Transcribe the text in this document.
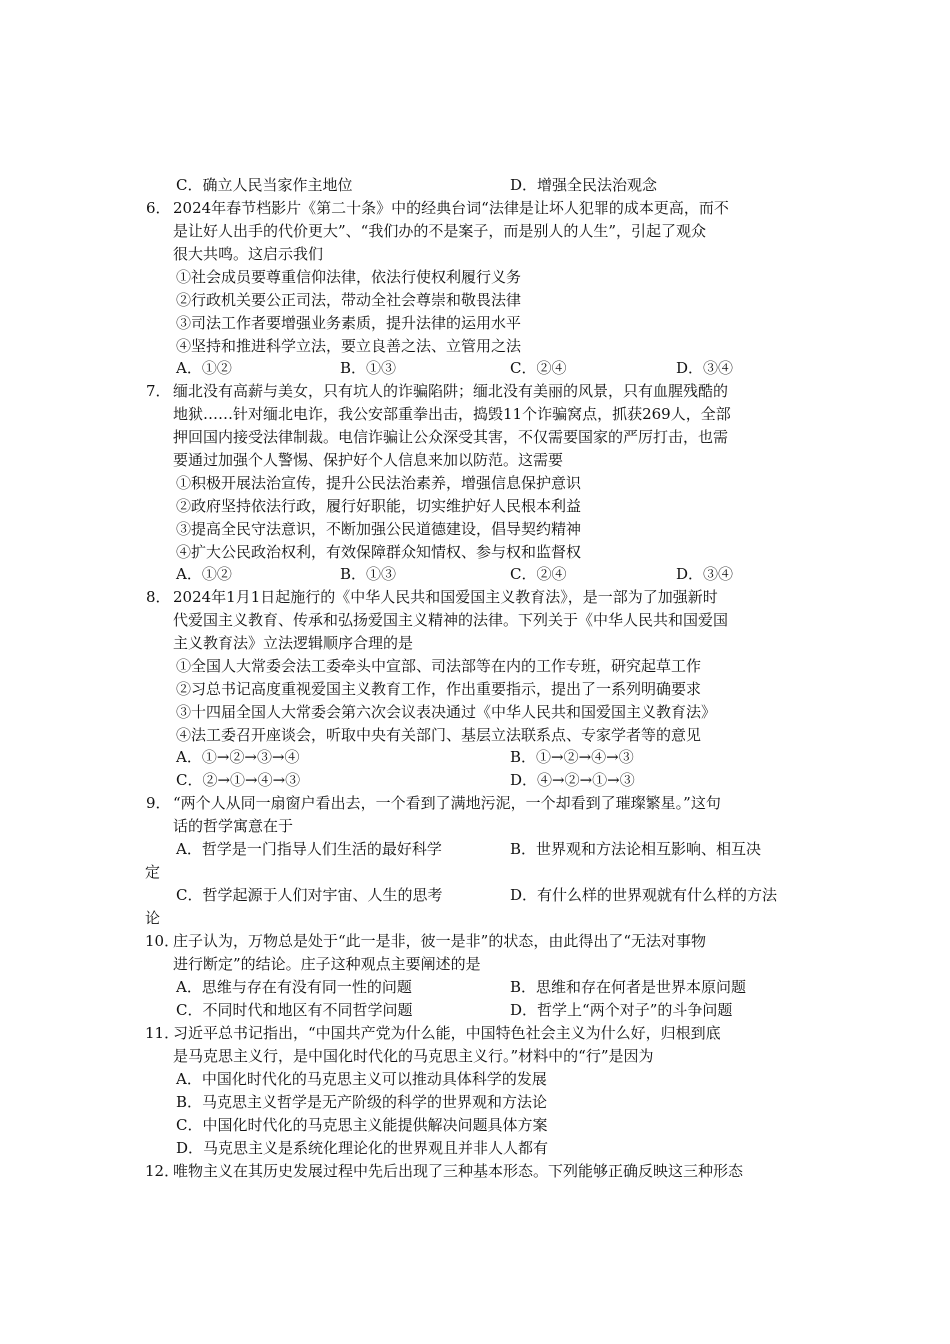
C．确立人民当家作主地位	D．增强全民法治观念
6． 2024年春节档影片《第二十条》中的经典台词“法律是让坏人犯罪的成本更高，而不
是让好人出手的代价更大”、“我们办的不是案子，而是别人的人生”，引起了观众
很大共鸣。这启示我们
①社会成员要尊重信仰法律，依法行使权利履行义务
②行政机关要公正司法，带动全社会尊崇和敬畏法律
③司法工作者要增强业务素质，提升法律的运用水平
④坚持和推进科学立法，要立良善之法、立管用之法
A．①②	B．①③	C．②④	D．③④
7． 缅北没有高薪与美女，只有坑人的诈骗陷阱；缅北没有美丽的风景，只有血腥残酷的
地狱……针对缅北电诈，我公安部重拳出击，捣毁11个诈骗窝点，抓获269人，全部
押回国内接受法律制裁。电信诈骗让公众深受其害，不仅需要国家的严厉打击，也需
要通过加强个人警惕、保护好个人信息来加以防范。这需要
①积极开展法治宣传，提升公民法治素养，增强信息保护意识
②政府坚持依法行政，履行好职能，切实维护好人民根本利益
③提高全民守法意识，不断加强公民道德建设，倡导契约精神
④扩大公民政治权利，有效保障群众知情权、参与权和监督权
A．①②	B．①③	C．②④	D．③④
8． 2024年1月1日起施行的《中华人民共和国爱国主义教育法》，是一部为了加强新时
代爱国主义教育、传承和弘扬爱国主义精神的法律。下列关于《中华人民共和国爱国
主义教育法》立法逻辑顺序合理的是
①全国人大常委会法工委牵头中宣部、司法部等在内的工作专班，研究起草工作
②习总书记高度重视爱国主义教育工作，作出重要指示，提出了一系列明确要求
③十四届全国人大常委会第六次会议表决通过《中华人民共和国爱国主义教育法》
④法工委召开座谈会，听取中央有关部门、基层立法联系点、专家学者等的意见
A．①→②→③→④	B．①→②→④→③
C．②→①→④→③	D．④→②→①→③
9． “两个人从同一扇窗户看出去，一个看到了满地污泥，一个却看到了璀璨繁星。”这句
话的哲学寓意在于
A．哲学是一门指导人们生活的最好科学	B．世界观和方法论相互影响、相互决
定
C．哲学起源于人们对宇宙、人生的思考	D．有什么样的世界观就有什么样的方法
论
10．
庄子认为，万物总是处于“此一是非，彼一是非”的状态，由此得出了“无法对事物
进行断定”的结论。庄子这种观点主要阐述的是
A．思维与存在有没有同一性的问题	B．思维和存在何者是世界本原问题
C．不同时代和地区有不同哲学问题	D．哲学上“两个对子”的斗争问题
11．
习近平总书记指出，“中国共产党为什么能，中国特色社会主义为什么好，归根到底
是马克思主义行，是中国化时代化的马克思主义行。”材料中的“行”是因为
A．中国化时代化的马克思主义可以推动具体科学的发展
B．马克思主义哲学是无产阶级的科学的世界观和方法论
C．中国化时代化的马克思主义能提供解决问题具体方案
D．马克思主义是系统化理论化的世界观且并非人人都有
12．
唯物主义在其历史发展过程中先后出现了三种基本形态。下列能够正确反映这三种形态
